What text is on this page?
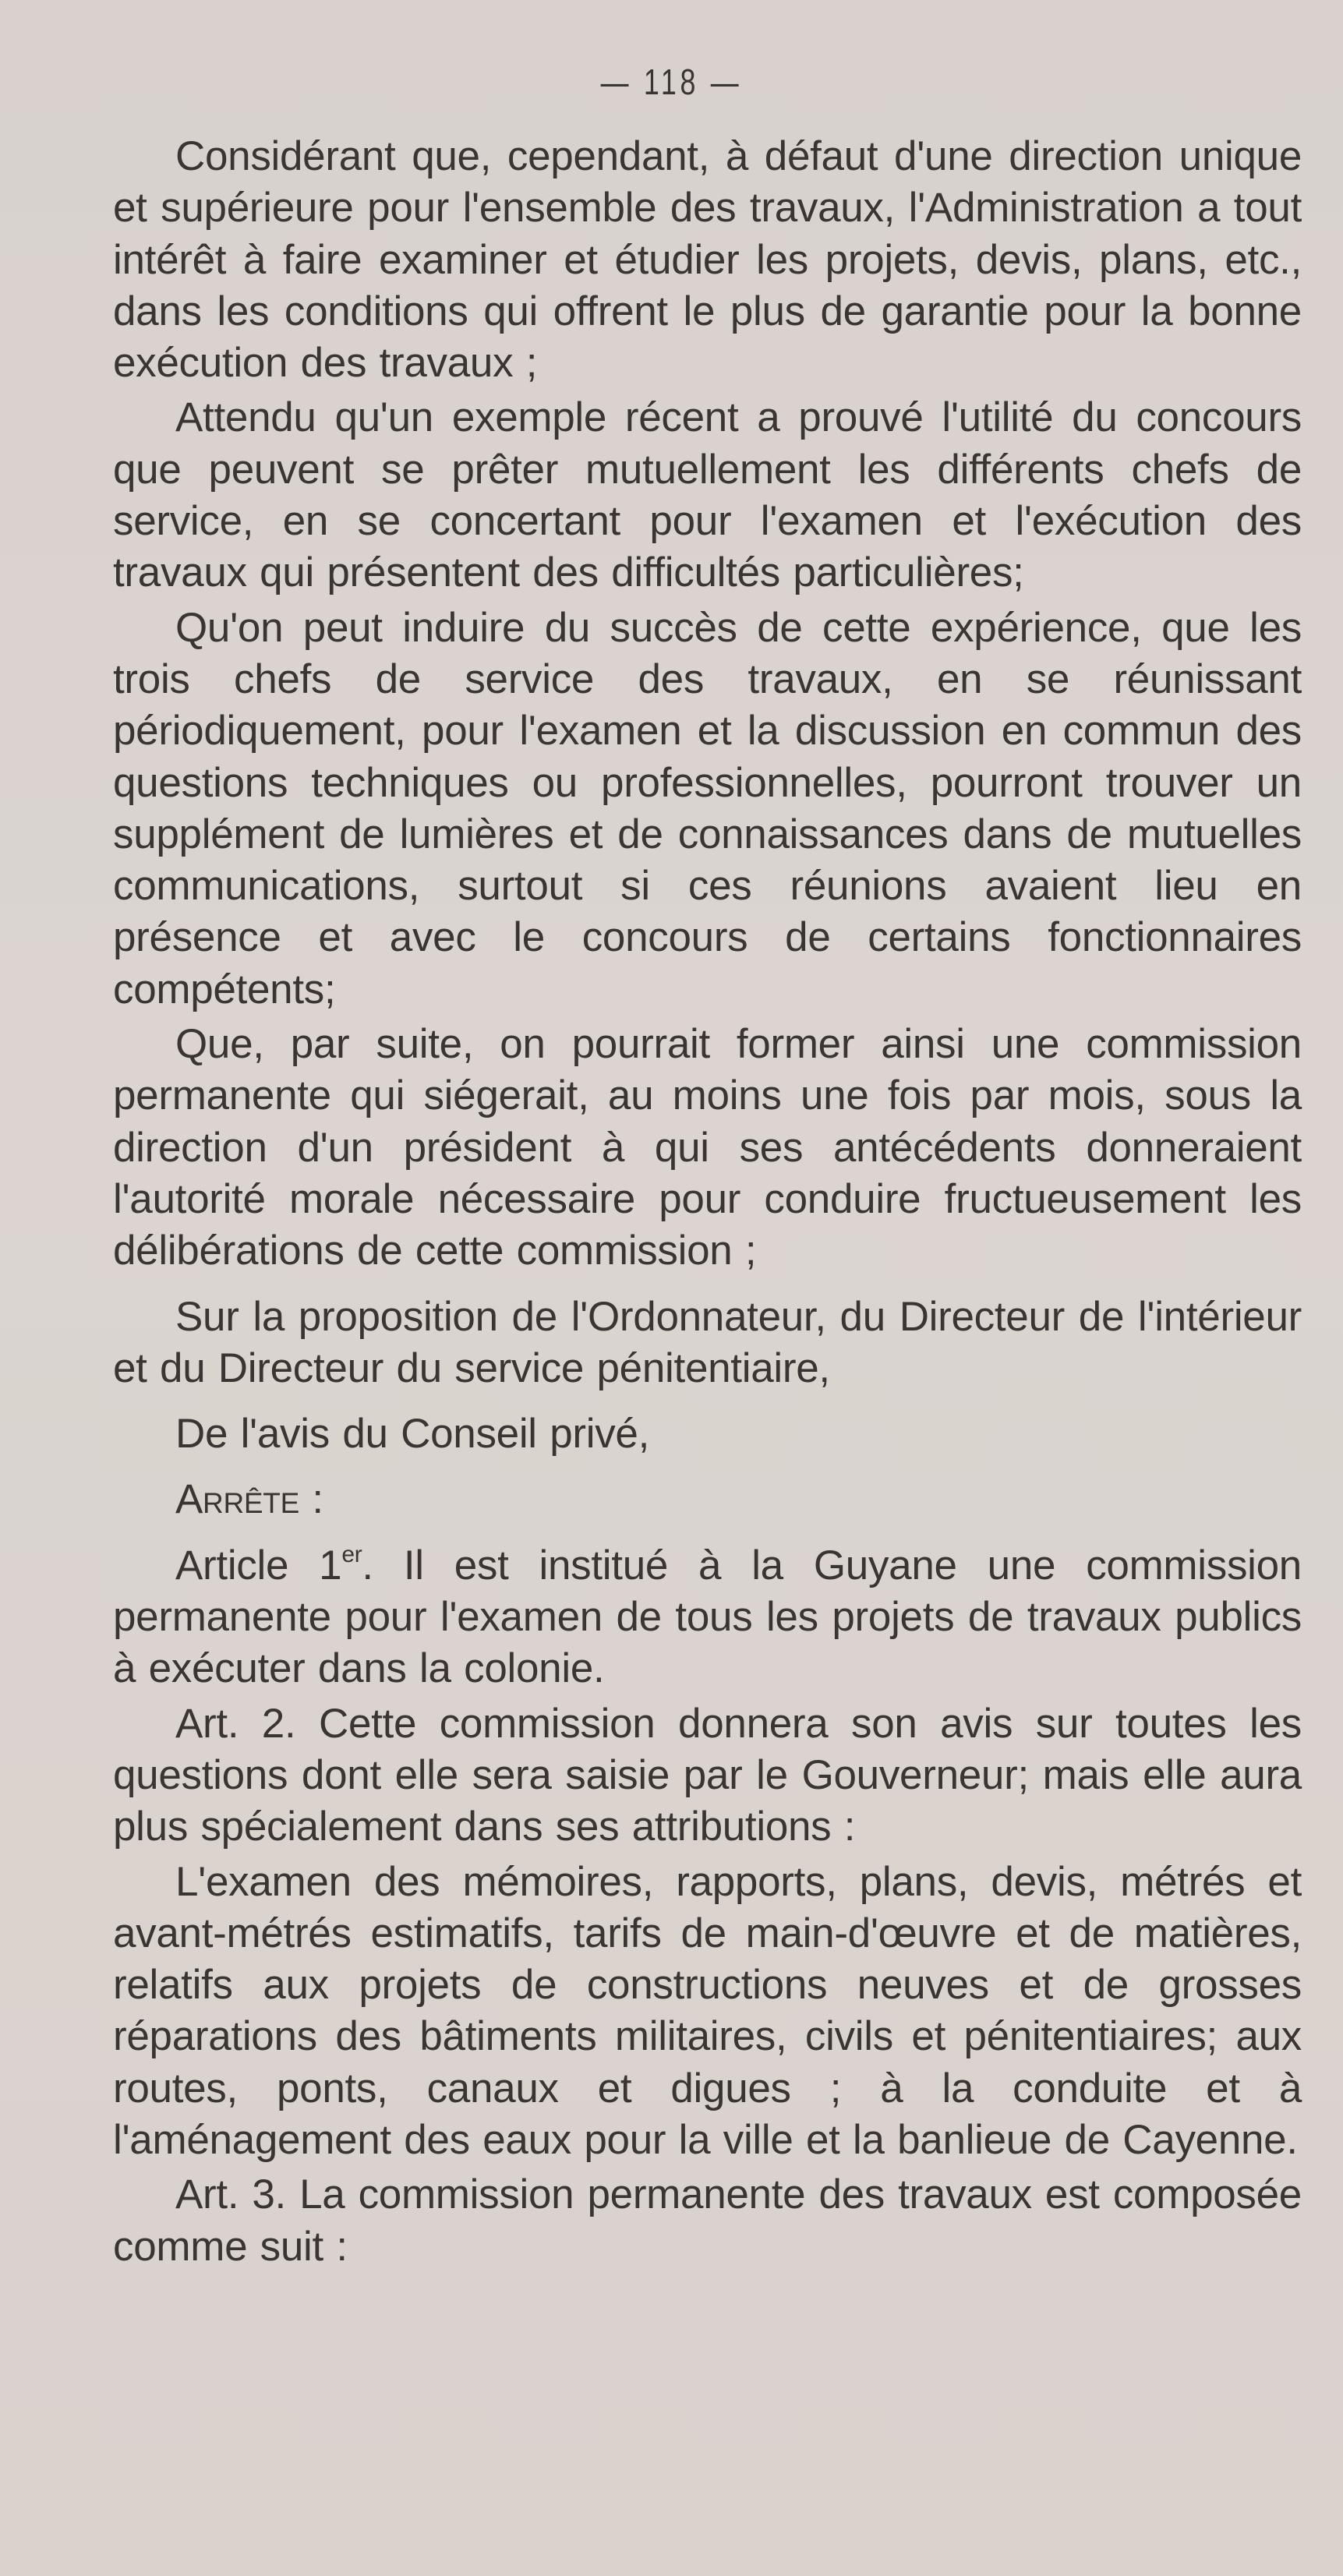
— 118 —

Considérant que, cependant, à défaut d'une direction unique et supérieure pour l'ensemble des travaux, l'Administration a tout intérêt à faire examiner et étudier les projets, devis, plans, etc., dans les conditions qui offrent le plus de garantie pour la bonne exécution des travaux ;

Attendu qu'un exemple récent a prouvé l'utilité du concours que peuvent se prêter mutuellement les différents chefs de service, en se concertant pour l'examen et l'exécution des travaux qui présentent des difficultés particulières;

Qu'on peut induire du succès de cette expérience, que les trois chefs de service des travaux, en se réunissant périodiquement, pour l'examen et la discussion en commun des questions techniques ou professionnelles, pourront trouver un supplément de lumières et de connaissances dans de mutuelles communications, surtout si ces réunions avaient lieu en présence et avec le concours de certains fonctionnaires compétents;

Que, par suite, on pourrait former ainsi une commission permanente qui siégerait, au moins une fois par mois, sous la direction d'un président à qui ses antécédents donneraient l'autorité morale nécessaire pour conduire fructueusement les délibérations de cette commission ;

Sur la proposition de l'Ordonnateur, du Directeur de l'intérieur et du Directeur du service pénitentiaire,

De l'avis du Conseil privé,

Arrête :

Article 1er. Il est institué à la Guyane une commission permanente pour l'examen de tous les projets de travaux publics à exécuter dans la colonie.

Art. 2. Cette commission donnera son avis sur toutes les questions dont elle sera saisie par le Gouverneur; mais elle aura plus spécialement dans ses attributions :

L'examen des mémoires, rapports, plans, devis, métrés et avant-métrés estimatifs, tarifs de main-d'œuvre et de matières, relatifs aux projets de constructions neuves et de grosses réparations des bâtiments militaires, civils et pénitentiaires; aux routes, ponts, canaux et digues ; à la conduite et à l'aménagement des eaux pour la ville et la banlieue de Cayenne.

Art. 3. La commission permanente des travaux est composée comme suit :
